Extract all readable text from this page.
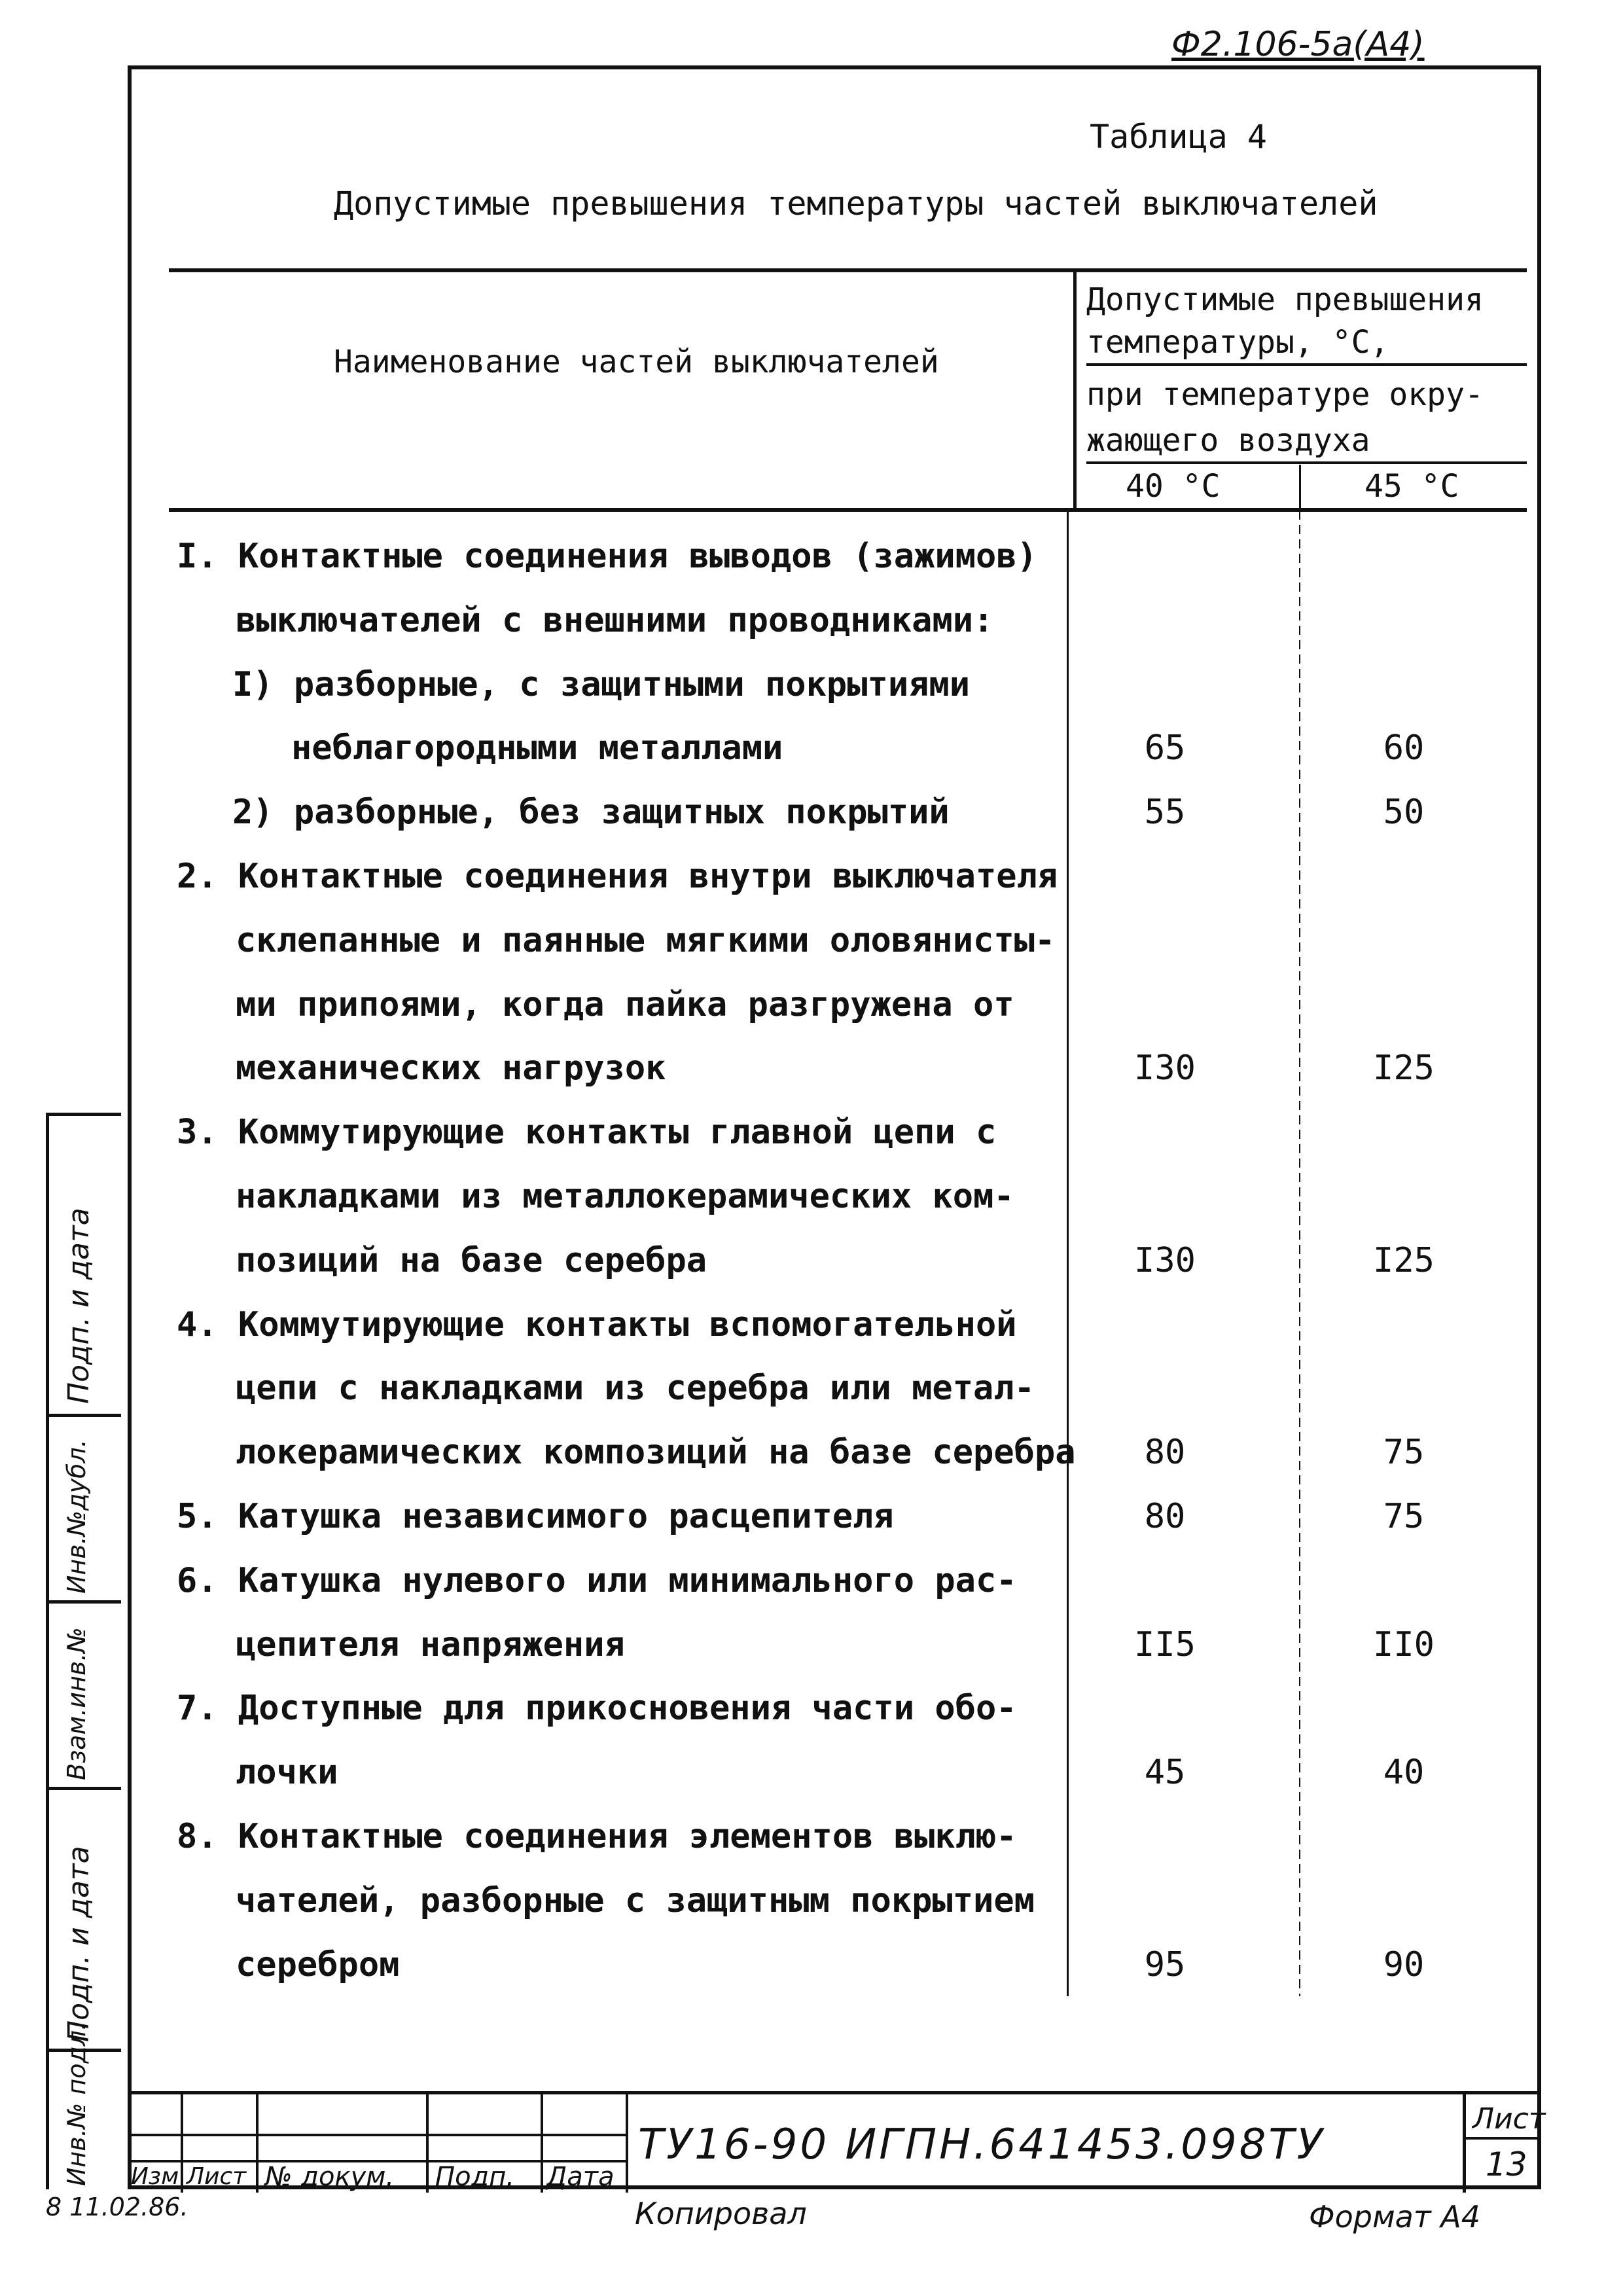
Ф2.106-5а(А4)
Таблица 4
Допустимые превышения температуры частей выключателей
Наименование частей выключателей
Допустимые превышения
температуры, °С,
при температуре окру-
жающего воздуха
40 °С	45 °С
I. Контактные соединения выводов (зажимов)
выключателей с внешними проводниками:
I) разборные, с защитными покрытиями
неблагородными металлами	65	60
2) разборные, без защитных покрытий	55	50
2. Контактные соединения внутри выключателя
склепанные и паянные мягкими оловянисты-
ми припоями, когда пайка разгружена от
механических нагрузок	I30	I25
3. Коммутирующие контакты главной цепи с
накладками из металлокерамических ком-
позиций на базе серебра	I30	I25
4. Коммутирующие контакты вспомогательной
цепи с накладками из серебра или метал-
локерамических композиций на базе серебра	80	75
5. Катушка независимого расцепителя	80	75
6. Катушка нулевого или минимального рас-
цепителя напряжения	II5	II0
7. Доступные для прикосновения части обо-
лочки	45	40
8. Контактные соединения элементов выклю-
чателей, разборные с защитным покрытием
серебром	95	90
Подп. и дата
Инв.№дубл.
Взам.инв.№
Подп. и дата
Инв.№ подл. Изм Лист № докум. Подп. Дата
ТУ16-90 ИГПН.641453.098ТУ
Лист
13
8 11.02.86.	Копировал	Формат А4
